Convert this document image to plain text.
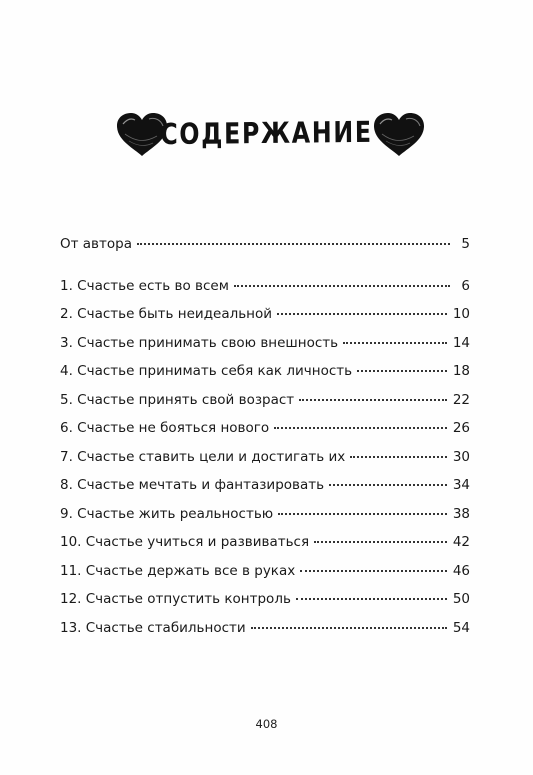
СОДЕРЖАНИЕ
От автора	5
1. Счастье есть во всем	6
2. Счастье быть неидеальной	10
3. Счастье принимать свою внешность	14
4. Счастье принимать себя как личность	18
5. Счастье принять свой возраст	22
6. Счастье не бояться нового	26
7. Счастье ставить цели и достигать их	30
8. Счастье мечтать и фантазировать	34
9. Счастье жить реальностью	38
10. Счастье учиться и развиваться	42
11. Счастье держать все в руках	46
12. Счастье отпустить контроль	50
13. Счастье стабильности	54
408
